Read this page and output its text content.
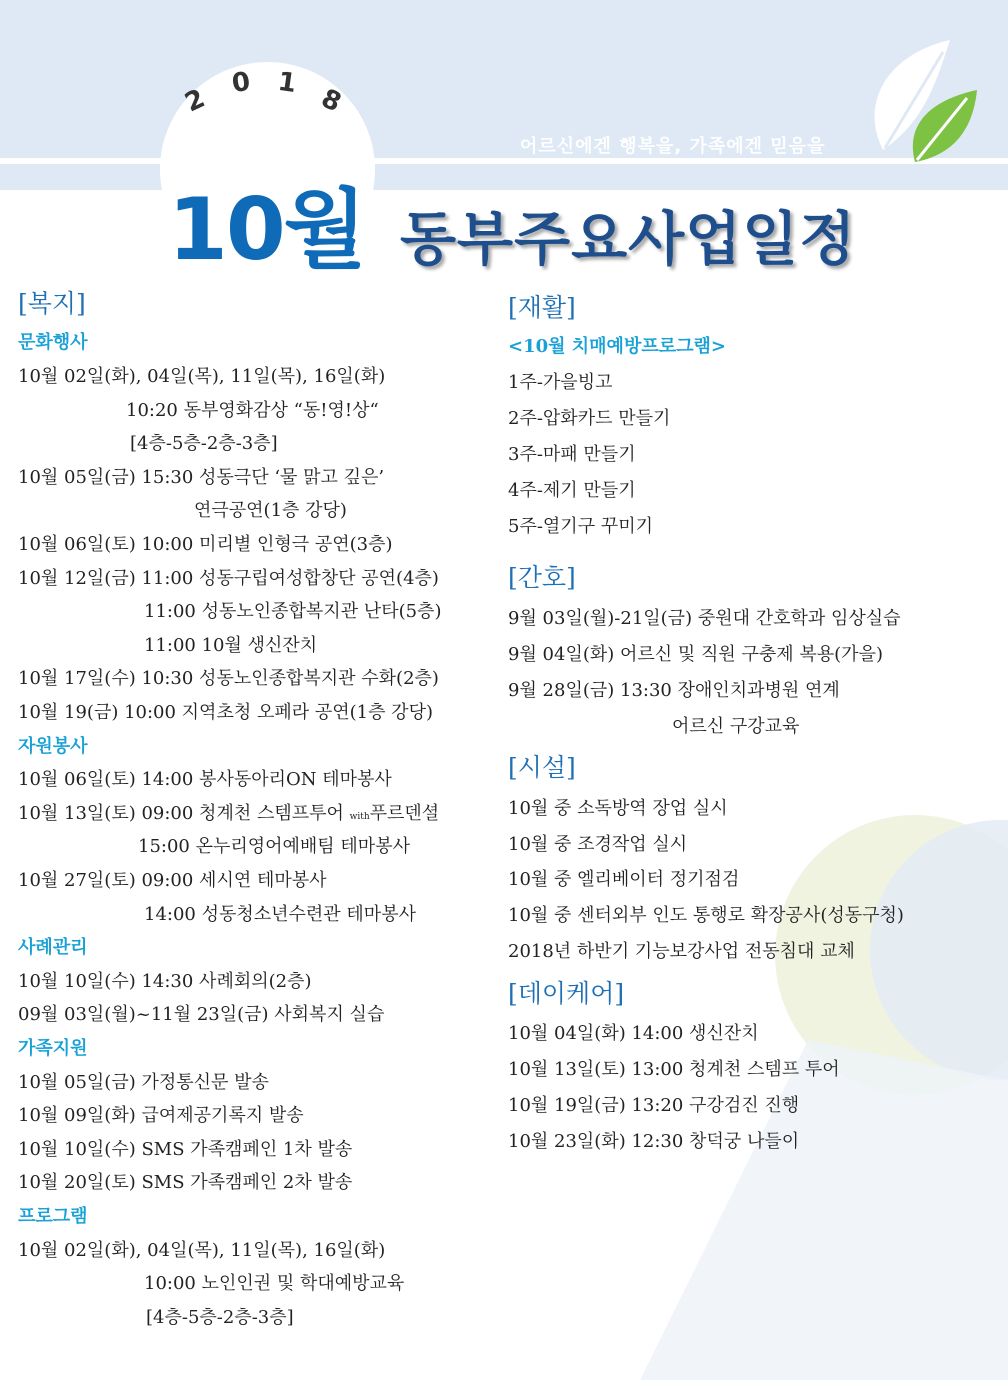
2
0 1
8
어르신에겐 행복을, 가족에겐 믿음을
10월 동부주요사업일정
[복지]
문화행사
10월 02일(화), 04일(목), 11일(목), 16일(화)
10:20 동부영화감상 “동!영!상“
[4층-5층-2층-3층]
10월 05일(금) 15:30 성동극단 ‘물 맑고 깊은’
연극공연(1층 강당)
10월 06일(토) 10:00 미리별 인형극 공연(3층)
10월 12일(금) 11:00 성동구립여성합창단 공연(4층)
11:00 성동노인종합복지관 난타(5층)
11:00 10월 생신잔치
10월 17일(수) 10:30 성동노인종합복지관 수화(2층)
10월 19(금) 10:00 지역초청 오페라 공연(1층 강당)
자원봉사
10월 06일(토) 14:00 봉사동아리ON 테마봉사
10월 13일(토) 09:00 청계천 스템프투어 with푸르덴셜
15:00 온누리영어예배팀 테마봉사
10월 27일(토) 09:00 세시연 테마봉사
14:00 성동청소년수련관 테마봉사
사례관리
10월 10일(수) 14:30 사례회의(2층)
09월 03일(월)~11월 23일(금) 사회복지 실습
가족지원
10월 05일(금) 가정통신문 발송
10월 09일(화) 급여제공기록지 발송
10월 10일(수) SMS 가족캠페인 1차 발송
10월 20일(토) SMS 가족캠페인 2차 발송
프로그램
10월 02일(화), 04일(목), 11일(목), 16일(화)
10:00 노인인권 및 학대예방교육
[4층-5층-2층-3층]
[재활]
<10월 치매예방프로그램>
1주-가을빙고
2주-압화카드 만들기
3주-마패 만들기
4주-제기 만들기
5주-열기구 꾸미기
[간호]
9월 03일(월)-21일(금) 중원대 간호학과 임상실습
9월 04일(화) 어르신 및 직원 구충제 복용(가을)
9월 28일(금) 13:30 장애인치과병원 연계
어르신 구강교육
[시설]
10월 중 소독방역 장업 실시
10월 중 조경작업 실시
10월 중 엘리베이터 정기점검
10월 중 센터외부 인도 통행로 확장공사(성동구청)
2018년 하반기 기능보강사업 전동침대 교체
[데이케어]
10월 04일(화) 14:00 생신잔치
10월 13일(토) 13:00 청계천 스템프 투어
10월 19일(금) 13:20 구강검진 진행
10월 23일(화) 12:30 창덕궁 나들이
